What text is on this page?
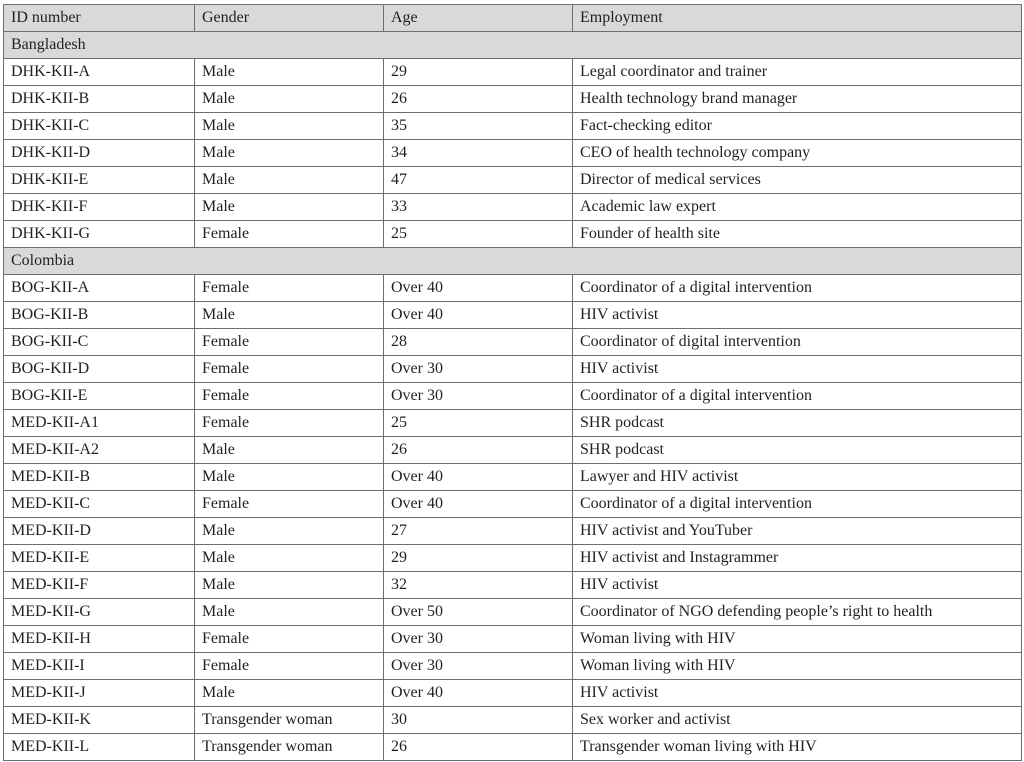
ID number	Gender	Age	Employment
Bangladesh			
DHK-KII-A	Male	29	Legal coordinator and trainer
DHK-KII-B	Male	26	Health technology brand manager
DHK-KII-C	Male	35	Fact-checking editor
DHK-KII-D	Male	34	CEO of health technology company
DHK-KII-E	Male	47	Director of medical services
DHK-KII-F	Male	33	Academic law expert
DHK-KII-G	Female	25	Founder of health site
Colombia			
BOG-KII-A	Female	Over 40	Coordinator of a digital intervention
BOG-KII-B	Male	Over 40	HIV activist
BOG-KII-C	Female	28	Coordinator of digital intervention
BOG-KII-D	Female	Over 30	HIV activist
BOG-KII-E	Female	Over 30	Coordinator of a digital intervention
MED-KII-A1	Female	25	SHR podcast
MED-KII-A2	Male	26	SHR podcast
MED-KII-B	Male	Over 40	Lawyer and HIV activist
MED-KII-C	Female	Over 40	Coordinator of a digital intervention
MED-KII-D	Male	27	HIV activist and YouTuber
MED-KII-E	Male	29	HIV activist and Instagrammer
MED-KII-F	Male	32	HIV activist
MED-KII-G	Male	Over 50	Coordinator of NGO defending people’s right to health
MED-KII-H	Female	Over 30	Woman living with HIV
MED-KII-I	Female	Over 30	Woman living with HIV
MED-KII-J	Male	Over 40	HIV activist
MED-KII-K	Transgender woman	30	Sex worker and activist
MED-KII-L	Transgender woman	26	Transgender woman living with HIV
